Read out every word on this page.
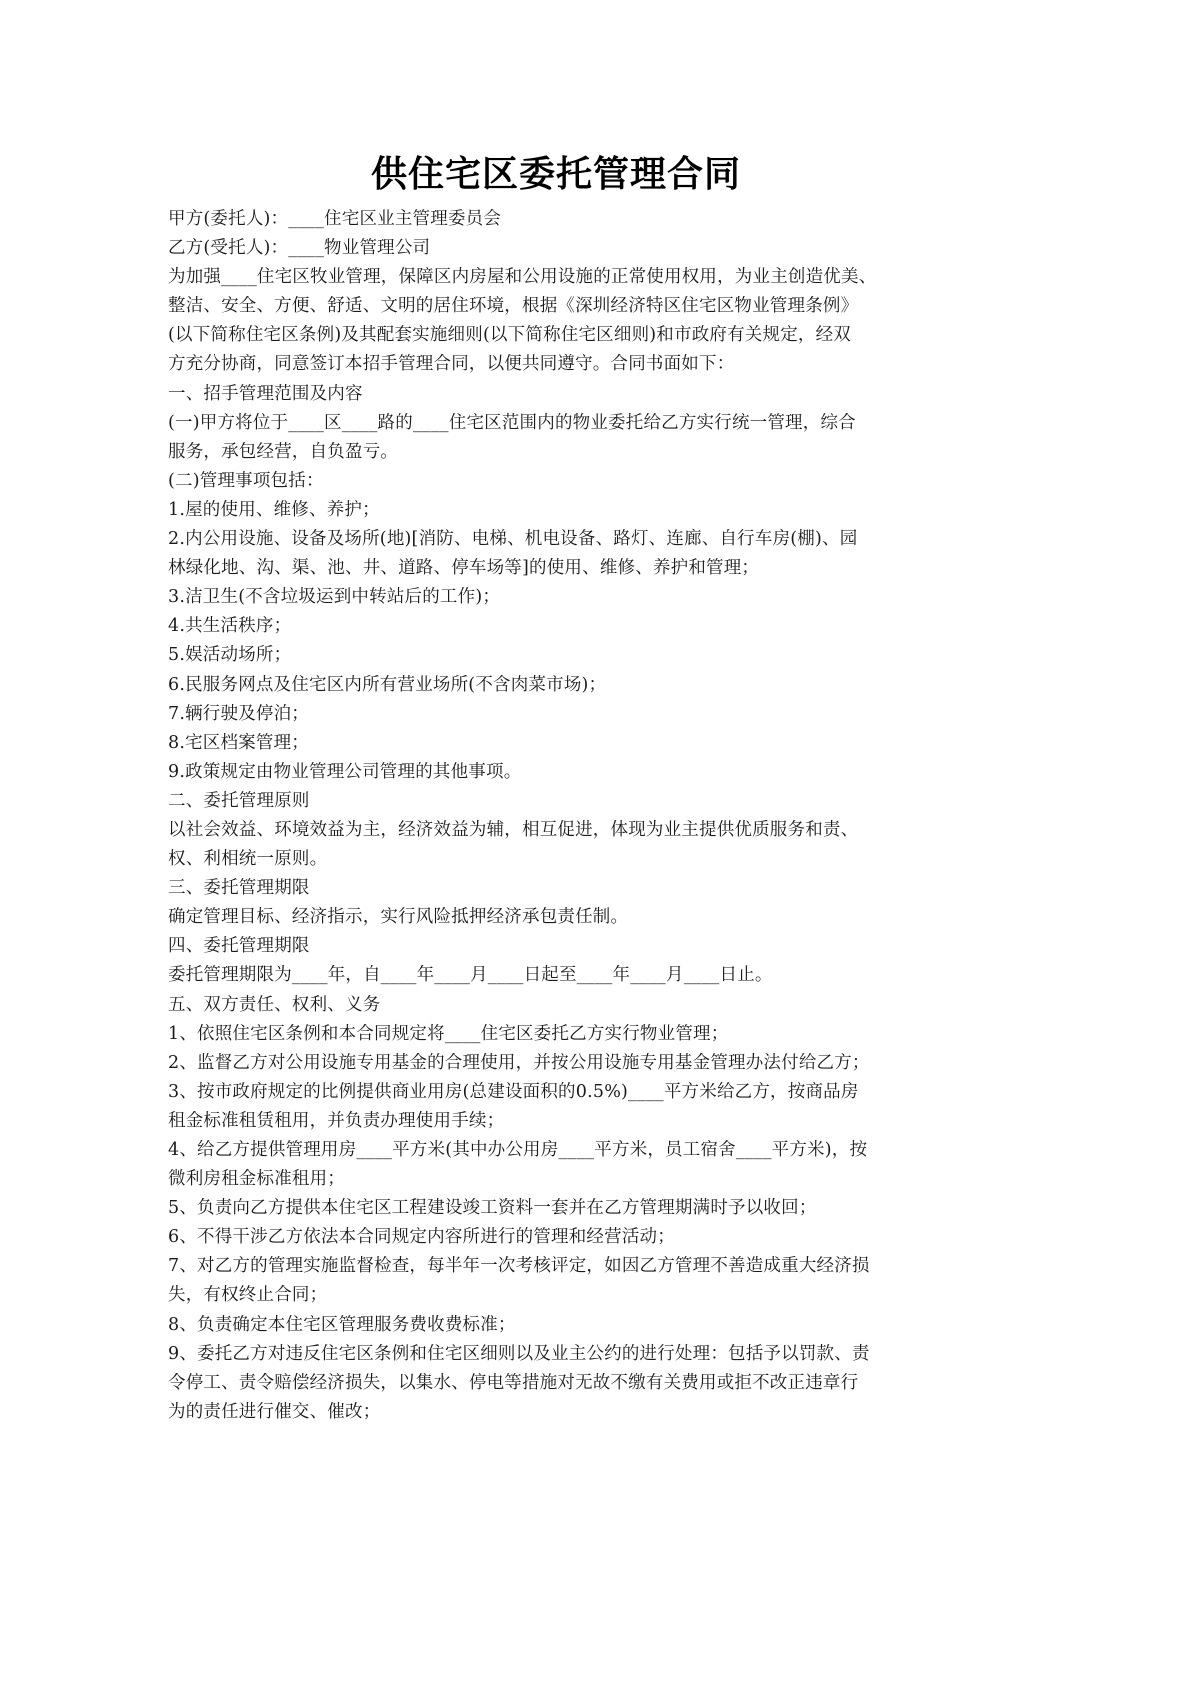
供住宅区委托管理合同
甲方(委托人)：____住宅区业主管理委员会
乙方(受托人)：____物业管理公司
为加强____住宅区牧业管理，保障区内房屋和公用设施的正常使用权用，为业主创造优美、
整洁、安全、方便、舒适、文明的居住环境，根据《深圳经济特区住宅区物业管理条例》
(以下简称住宅区条例)及其配套实施细则(以下简称住宅区细则)和市政府有关规定，经双
方充分协商，同意签订本招手管理合同，以便共同遵守。合同书面如下：
一、招手管理范围及内容
(一)甲方将位于____区____路的____住宅区范围内的物业委托给乙方实行统一管理，综合
服务，承包经营，自负盈亏。
(二)管理事项包括：
1.屋的使用、维修、养护；
2.内公用设施、设备及场所(地)[消防、电梯、机电设备、路灯、连廊、自行车房(棚)、园
林绿化地、沟、渠、池、井、道路、停车场等]的使用、维修、养护和管理；
3.洁卫生(不含垃圾运到中转站后的工作)；
4.共生活秩序；
5.娱活动场所；
6.民服务网点及住宅区内所有营业场所(不含肉菜市场)；
7.辆行驶及停泊；
8.宅区档案管理；
9.政策规定由物业管理公司管理的其他事项。
二、委托管理原则
以社会效益、环境效益为主，经济效益为辅，相互促进，体现为业主提供优质服务和责、
权、利相统一原则。
三、委托管理期限
确定管理目标、经济指示，实行风险抵押经济承包责任制。
四、委托管理期限
委托管理期限为____年，自____年____月____日起至____年____月____日止。
五、双方责任、权利、义务
1、依照住宅区条例和本合同规定将____住宅区委托乙方实行物业管理；
2、监督乙方对公用设施专用基金的合理使用，并按公用设施专用基金管理办法付给乙方；
3、按市政府规定的比例提供商业用房(总建设面积的0.5%)____平方米给乙方，按商品房
租金标准租赁租用，并负责办理使用手续；
4、给乙方提供管理用房____平方米(其中办公用房____平方米，员工宿舍____平方米)，按
微利房租金标准租用；
5、负责向乙方提供本住宅区工程建设竣工资料一套并在乙方管理期满时予以收回；
6、不得干涉乙方依法本合同规定内容所进行的管理和经营活动；
7、对乙方的管理实施监督检查，每半年一次考核评定，如因乙方管理不善造成重大经济损
失，有权终止合同；
8、负责确定本住宅区管理服务费收费标准；
9、委托乙方对违反住宅区条例和住宅区细则以及业主公约的进行处理：包括予以罚款、责
令停工、责令赔偿经济损失，以集水、停电等措施对无故不缴有关费用或拒不改正违章行
为的责任进行催交、催改；
